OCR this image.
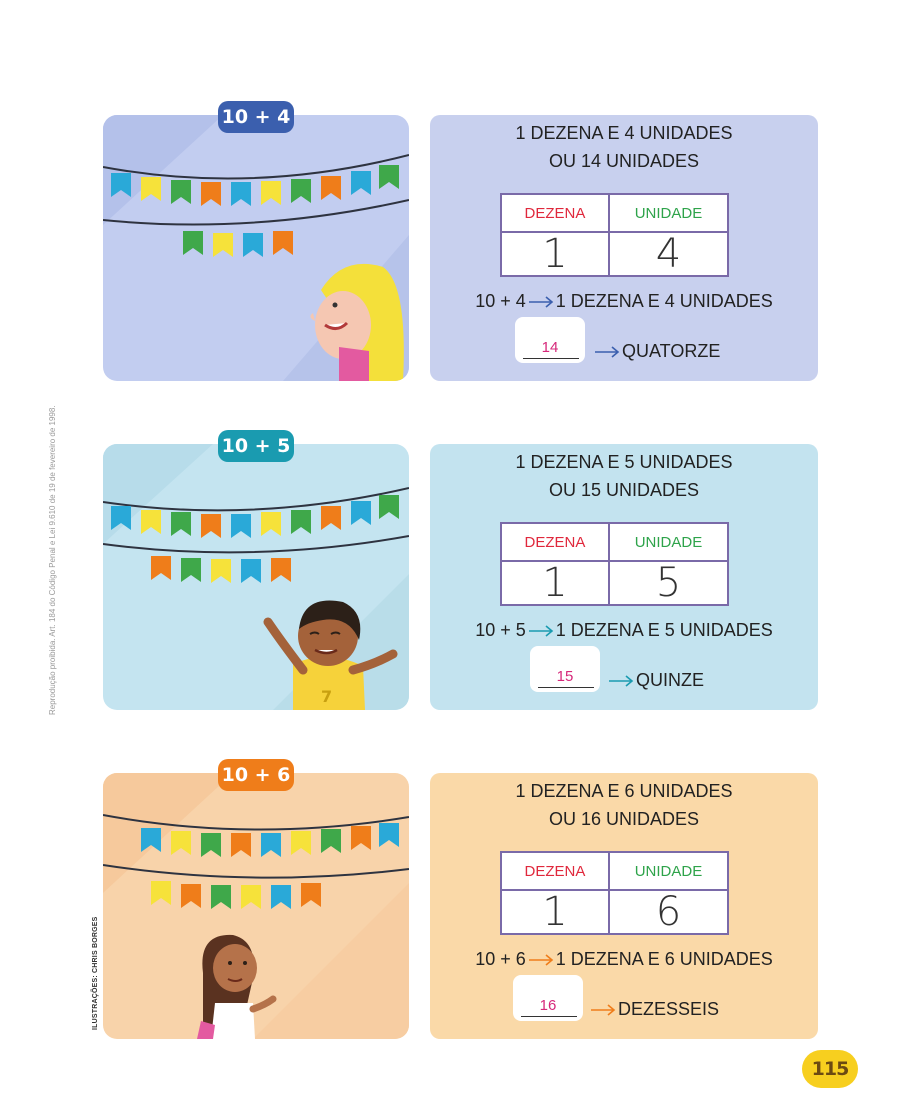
Reprodução proibida. Art. 184 do Código Penal e Lei 9.610 de 19 de fevereiro de 1998.
ILUSTRAÇÕES: CHRIS BORGES
10 + 4
1 DEZENA E 4 UNIDADES
OU 14 UNIDADES
DEZENA	UNIDADE
1	4
10 + 4 1 DEZENA E 4 UNIDADES
14	QUATORZE
10 + 5
7
1 DEZENA E 5 UNIDADES
OU 15 UNIDADES
DEZENA	UNIDADE
1	5
10 + 5 1 DEZENA E 5 UNIDADES
15	QUINZE
10 + 6
1 DEZENA E 6 UNIDADES
OU 16 UNIDADES
DEZENA	UNIDADE
1	6
10 + 6 1 DEZENA E 6 UNIDADES
16	DEZESSEIS
115
